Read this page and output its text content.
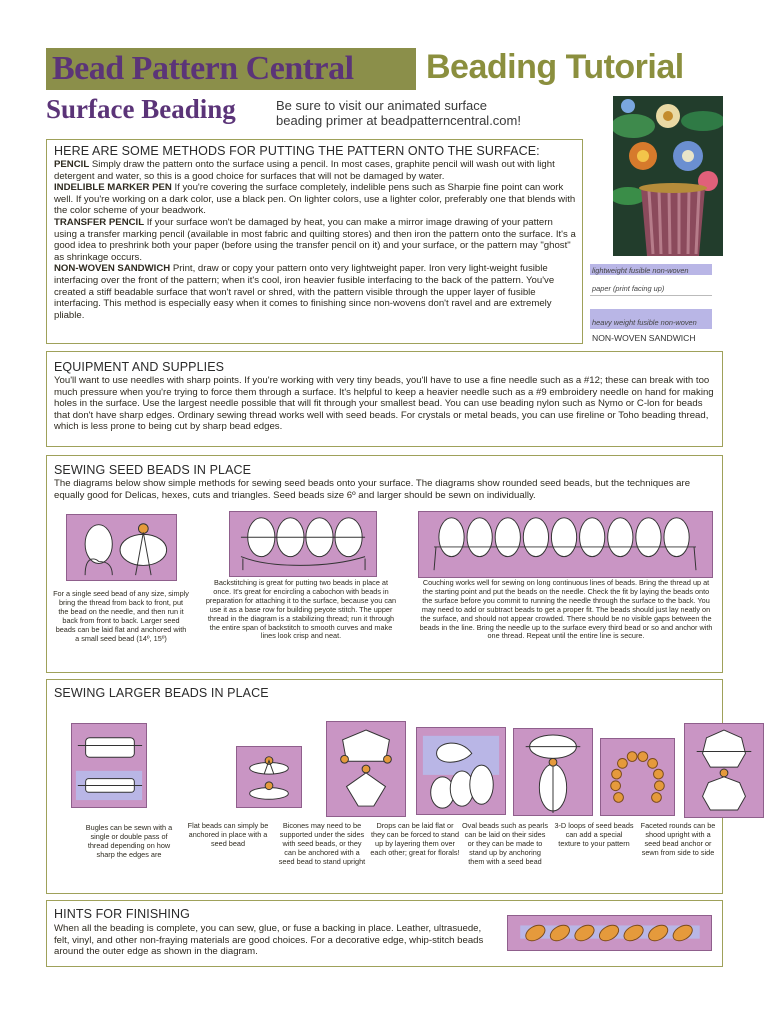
Bead Pattern Central Beading Tutorial
Surface Beading	Be sure to visit our animated surface
beading primer at beadpatterncentral.com!
HERE ARE SOME METHODS FOR PUTTING THE PATTERN ONTO THE SURFACE:
PENCIL Simply draw the pattern onto the surface using a pencil. In most cases, graphite pencil will wash out with light detergent and water, so this is a good choice for surfaces that will not be damaged by water.
INDELIBLE MARKER PEN If you're covering the surface completely, indelible pens such as Sharpie fine point can work well. If you're working on a dark color, use a black pen. On lighter colors, use a lighter color, preferably one that blends with the color scheme of your beadwork.
TRANSFER PENCIL If your surface won't be damaged by heat, you can make a mirror image drawing of your pattern using a transfer marking pencil (available in most fabric and quilting stores) and then iron the pattern onto the surface. It's a good idea to preshrink both your paper (before using the transfer pencil on it) and your surface, or the pattern may "ghost" as shrinkage occurs.
NON-WOVEN SANDWICH Print, draw or copy your pattern onto very lightweight paper. Iron very light-weight fusible interfacing over the front of the pattern; when it's cool, iron heavier fusible interfacing to the back of the pattern. You've created a stiff beadable surface that won't ravel or shred, with the pattern visible through the upper layer of fusible interfacing. This method is especially easy when it comes to finishing since non-wovens don't ravel and are extremely pliable.
lightweight fusible non-woven
paper (print facing up)
heavy weight fusible non-woven
NON-WOVEN SANDWICH
EQUIPMENT AND SUPPLIES
You'll want to use needles with sharp points. If you're working with very tiny beads, you'll have to use a fine needle such as a #12; these can break with too much pressure when you're trying to force them through a surface. It's helpful to keep a heavier needle such as a #9 embroidery needle on hand for making holes in the surface. Use the largest needle possible that will fit through your smallest bead. You can use beading nylon such as Nymo or C-lon for beads that don't have sharp edges. Ordinary sewing thread works well with seed beads. For crystals or metal beads, you can use fireline or Toho beading thread, which is less prone to being cut by sharp bead edges.
SEWING SEED BEADS IN PLACE
The diagrams below show simple methods for sewing seed beads onto your surface. The diagrams show rounded seed beads, but the techniques are equally good for Delicas, hexes, cuts and triangles. Seed beads size 6º and larger should be sewn on individually.
For a single seed bead of any size, simply bring the thread from back to front, put the bead on the needle, and then run it back from front to back. Larger seed beads can be laid flat and anchored with a small seed bead (14º, 15º)
Backstitching is great for putting two beads in place at once. It's great for encircling a cabochon with beads in preparation for attaching it to the surface, because you can use it as a base row for building peyote stitch. The upper thread in the diagram is a stabilizing thread; run it through the entire span of backstitch to smooth curves and make lines look crisp and neat.
Couching works well for sewing on long continuous lines of beads. Bring the thread up at the starting point and put the beads on the needle. Check the fit by laying the beads onto the surface before you commit to running the needle through the surface to the back. You may need to add or subtract beads to get a proper fit. The beads should just lay neatly on the surface, and should not appear crowded. There should be no visible gaps between the beads in the line. Bring the needle up to the surface every third bead or so and anchor with one thread. Repeat until the entire line is secure.
SEWING LARGER BEADS IN PLACE
Bugles can be sewn with a single or double pass of thread depending on how sharp the edges are
Flat beads can simply be anchored in place with a seed bead
Bicones may need to be supported under the sides with seed beads, or they can be anchored with a seed bead to stand upright
Drops can be laid flat or they can be forced to stand up by layering them over each other; great for florals!
Oval beads such as pearls can be laid on their sides or they can be made to stand up by anchoring them with a seed bead
3-D loops of seed beads can add a special texture to your pattern
Faceted rounds can be shood upright with a seed bead anchor or sewn from side to side
HINTS FOR FINISHING
When all the beading is complete, you can sew, glue, or fuse a backing in place. Leather, ultrasuede, felt, vinyl, and other non-fraying materials are good choices. For a decorative edge, whip-stitch beads around the outer edge as shown in the diagram.
